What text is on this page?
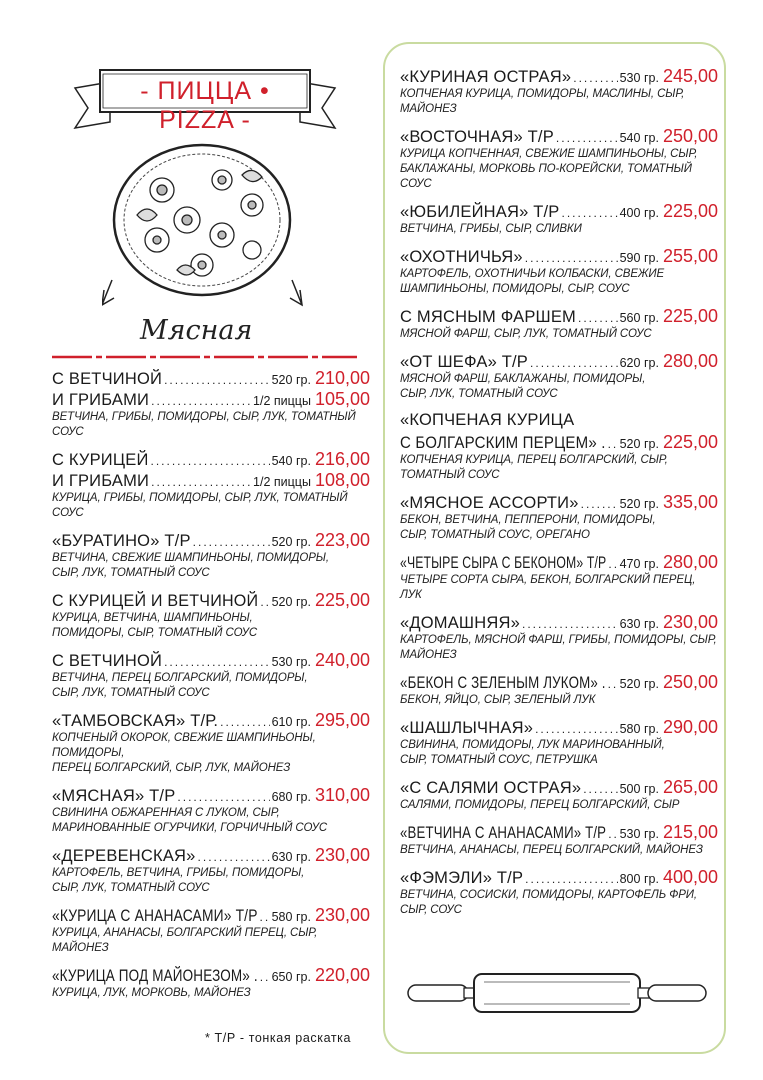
- ПИЦЦА • PIZZA -
Мясная
С ВЕТЧИНОЙ .....	520 гр. 210,00
И ГРИБАМИ .....	1/2 пиццы 105,00
ВЕТЧИНА, ГРИБЫ, ПОМИДОРЫ, СЫР, ЛУК, ТОМАТНЫЙ СОУС
С КУРИЦЕЙ .....	540 гр. 216,00
И ГРИБАМИ .....	1/2 пиццы 108,00
КУРИЦА, ГРИБЫ, ПОМИДОРЫ, СЫР, ЛУК, ТОМАТНЫЙ СОУС
«БУРАТИНО» Т/Р .....	520 гр. 223,00
ВЕТЧИНА, СВЕЖИЕ ШАМПИНЬОНЫ, ПОМИДОРЫ,
СЫР, ЛУК, ТОМАТНЫЙ СОУС
С КУРИЦЕЙ И ВЕТЧИНОЙ ..... 520 гр. 225,00
КУРИЦА, ВЕТЧИНА, ШАМПИНЬОНЫ,
ПОМИДОРЫ, СЫР, ТОМАТНЫЙ СОУС
С ВЕТЧИНОЙ .....	530 гр. 240,00
ВЕТЧИНА, ПЕРЕЦ БОЛГАРСКИЙ, ПОМИДОРЫ,
СЫР, ЛУК, ТОМАТНЫЙ СОУС
«ТАМБОВСКАЯ» Т/Р. .....	610 гр. 295,00
КОПЧЕНЫЙ ОКОРОК, СВЕЖИЕ ШАМПИНЬОНЫ, ПОМИДОРЫ,
ПЕРЕЦ БОЛГАРСКИЙ, СЫР, ЛУК, МАЙОНЕЗ
«МЯСНАЯ» Т/Р .....	680 гр. 310,00
СВИНИНА ОБЖАРЕННАЯ С ЛУКОМ, СЫР,
МАРИНОВАННЫЕ ОГУРЧИКИ, ГОРЧИЧНЫЙ СОУС
«ДЕРЕВЕНСКАЯ» .....	630 гр. 230,00
КАРТОФЕЛЬ, ВЕТЧИНА, ГРИБЫ, ПОМИДОРЫ,
СЫР, ЛУК, ТОМАТНЫЙ СОУС
«КУРИЦА С АНАНАСАМИ» Т/Р ..... 580 гр. 230,00
КУРИЦА, АНАНАСЫ, БОЛГАРСКИЙ ПЕРЕЦ, СЫР, МАЙОНЕЗ
«КУРИЦА ПОД МАЙОНЕЗОМ» . ..... 650 гр. 220,00
КУРИЦА, ЛУК, МОРКОВЬ, МАЙОНЕЗ
«КУРИНАЯ ОСТРАЯ» .....	530 гр. 245,00
КОПЧЕНАЯ КУРИЦА, ПОМИДОРЫ, МАСЛИНЫ, СЫР, МАЙОНЕЗ
«ВОСТОЧНАЯ» Т/Р .....	540 гр. 250,00
КУРИЦА КОПЧЕННАЯ, СВЕЖИЕ ШАМПИНЬОНЫ, СЫР,
БАКЛАЖАНЫ, МОРКОВЬ ПО-КОРЕЙСКИ, ТОМАТНЫЙ СОУС
«ЮБИЛЕЙНАЯ» Т/Р .....	400 гр. 225,00
ВЕТЧИНА, ГРИБЫ, СЫР, СЛИВКИ
«ОХОТНИЧЬЯ» .....	590 гр. 255,00
КАРТОФЕЛЬ, ОХОТНИЧЬИ КОЛБАСКИ, СВЕЖИЕ
ШАМПИНЬОНЫ, ПОМИДОРЫ, СЫР, СОУС
С МЯСНЫМ ФАРШЕМ .....	560 гр. 225,00
МЯСНОЙ ФАРШ, СЫР, ЛУК, ТОМАТНЫЙ СОУС
«ОТ ШЕФА» Т/Р .....	620 гр. 280,00
МЯСНОЙ ФАРШ, БАКЛАЖАНЫ, ПОМИДОРЫ,
СЫР, ЛУК, ТОМАТНЫЙ СОУС
«КОПЧЕНАЯ КУРИЦА
С БОЛГАРСКИМ ПЕРЦЕМ» . ..... 520 гр. 225,00
КОПЧЕНАЯ КУРИЦА, ПЕРЕЦ БОЛГАРСКИЙ, СЫР, ТОМАТНЫЙ СОУС
«МЯСНОЕ АССОРТИ» .....	520 гр. 335,00
БЕКОН, ВЕТЧИНА, ПЕППЕРОНИ, ПОМИДОРЫ,
СЫР, ТОМАТНЫЙ СОУС, ОРЕГАНО
«ЧЕТЫРЕ СЫРА С БЕКОНОМ» Т/Р ..... 470 гр. 280,00
ЧЕТЫРЕ СОРТА СЫРА, БЕКОН, БОЛГАРСКИЙ ПЕРЕЦ, ЛУК
«ДОМАШНЯЯ» .....	630 гр. 230,00
КАРТОФЕЛЬ, МЯСНОЙ ФАРШ, ГРИБЫ, ПОМИДОРЫ, СЫР, МАЙОНЕЗ
«БЕКОН С ЗЕЛЕНЫМ ЛУКОМ» . ..... 520 гр. 250,00
БЕКОН, ЯЙЦО, СЫР, ЗЕЛЕНЫЙ ЛУК
«ШАШЛЫЧНАЯ» .....	580 гр. 290,00
СВИНИНА, ПОМИДОРЫ, ЛУК МАРИНОВАННЫЙ,
СЫР, ТОМАТНЫЙ СОУС, ПЕТРУШКА
«С САЛЯМИ ОСТРАЯ» .....	500 гр. 265,00
САЛЯМИ, ПОМИДОРЫ, ПЕРЕЦ БОЛГАРСКИЙ, СЫР
«ВЕТЧИНА С АНАНАСАМИ» Т/Р ..... 530 гр. 215,00
ВЕТЧИНА, АНАНАСЫ, ПЕРЕЦ БОЛГАРСКИЙ, МАЙОНЕЗ
«ФЭМЭЛИ» Т/Р .....	800 гр. 400,00
ВЕТЧИНА, СОСИСКИ, ПОМИДОРЫ, КАРТОФЕЛЬ ФРИ, СЫР, СОУС
* Т/Р - тонкая раскатка
